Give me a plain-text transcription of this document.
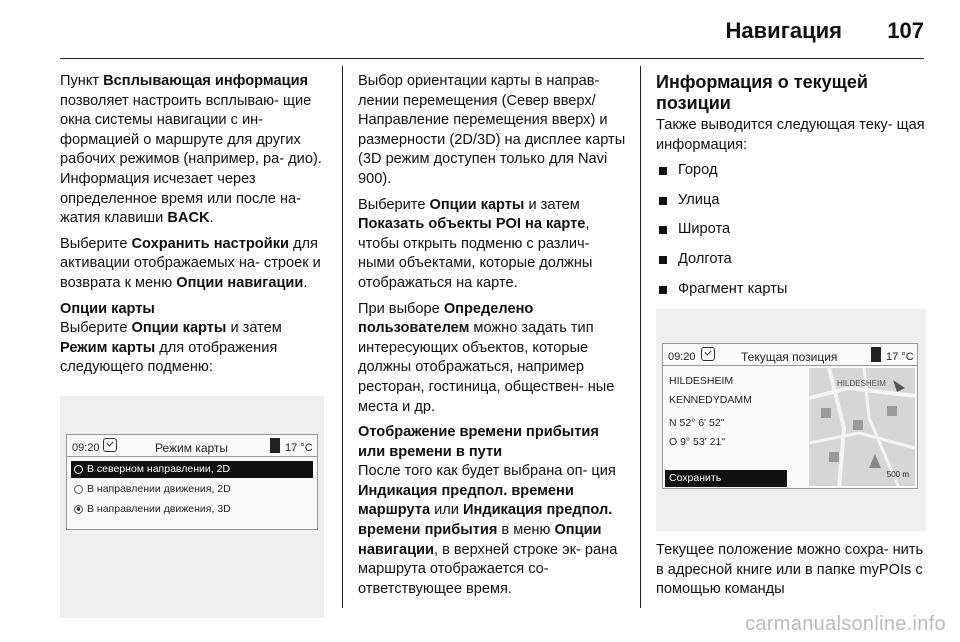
Навигация 107

Пункт Всплывающая информация позволяет настроить всплываю- щие окна системы навигации с ин- формацией о маршруте для других рабочих режимов (например, ра- дио). Информация исчезает через определенное время или после на- жатия клавиши BACK.

Выберите Сохранить настройки для активации отображаемых на- строек и возврата к меню Опции навигации.

Опции карты
Выберите Опции карты и затем Режим карты для отображения следующего подменю:
09:20	Режим карты	17 °C
В северном направлении, 2D
В направлении движения, 2D
В направлении движения, 3D

Выбор ориентации карты в направ- лении перемещения (Север вверх/ Направление перемещения вверх) и размерности (2D/3D) на дисплее карты (3D режим доступен только для Navi 900).

Выберите Опции карты и затем Показать объекты POI на карте, чтобы открыть подменю с различ- ными объектами, которые должны отображаться на карте.

При выборе Определено пользователем можно задать тип интересующих объектов, которые должны отображаться, например ресторан, гостиница, обществен- ные места и др.

Отображение времени прибытия или времени в пути
После того как будет выбрана оп- ция Индикация предпол. времени маршрута или Индикация предпол. времени прибытия в меню Опции навигации, в верхней строке эк- рана маршрута отображается со- ответствующее время.
Информация о текущей позиции

Также выводится следующая теку- щая информация:

Город
Улица
Широта
Долгота
Фрагмент карты
09:20	Текущая позиция	17 °C
HILDESHEIM
KENNEDYDAMM
N 52° 6' 52"
O 9° 53' 21"
Сохранить
HILDESHEIM
500 m

Текущее положение можно сохра- нить в адресной книге или в папке myPOIs с помощью команды

carmanualsonline.info
